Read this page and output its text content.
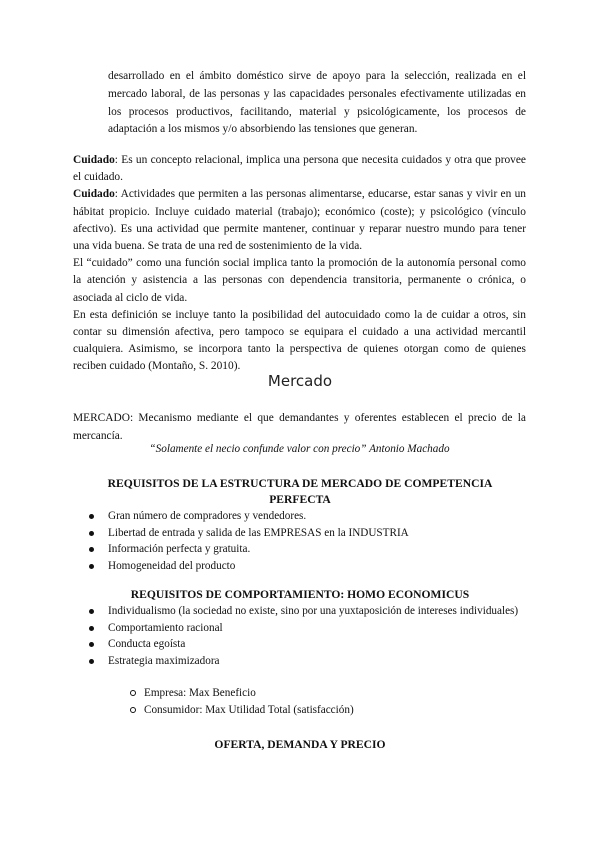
desarrollado en el ámbito doméstico sirve de apoyo para la selección, realizada en el mercado laboral, de las personas y las capacidades personales efectivamente utilizadas en los procesos productivos, facilitando, material y psicológicamente, los procesos de adaptación a los mismos y/o absorbiendo las tensiones que generan.

Cuidado: Es un concepto relacional, implica una persona que necesita cuidados y otra que provee el cuidado.

Cuidado: Actividades que permiten a las personas alimentarse, educarse, estar sanas y vivir en un hábitat propicio. Incluye cuidado material (trabajo); económico (coste); y psicológico (vínculo afectivo). Es una actividad que permite mantener, continuar y reparar nuestro mundo para tener una vida buena. Se trata de una red de sostenimiento de la vida.

El “cuidado” como una función social implica tanto la promoción de la autonomía personal como la atención y asistencia a las personas con dependencia transitoria, permanente o crónica, o asociada al ciclo de vida.

En esta definición se incluye tanto la posibilidad del autocuidado como la de cuidar a otros, sin contar su dimensión afectiva, pero tampoco se equipara el cuidado a una actividad mercantil cualquiera. Asimismo, se incorpora tanto la perspectiva de quienes otorgan como de quienes reciben cuidado (Montaño, S. 2010).

Mercado
MERCADO: Mecanismo mediante el que demandantes y oferentes establecen el precio de la mercancía.
“Solamente el necio confunde valor con precio” Antonio Machado
REQUISITOS DE LA ESTRUCTURA DE MERCADO DE COMPETENCIA PERFECTA
Gran número de compradores y vendedores.
Libertad de entrada y salida de las EMPRESAS en la INDUSTRIA
Información perfecta y gratuita.
Homogeneidad del producto
REQUISITOS DE COMPORTAMIENTO: HOMO ECONOMICUS
Individualismo (la sociedad no existe, sino por una yuxtaposición de intereses individuales)
Comportamiento racional
Conducta egoísta
Estrategia maximizadora
Empresa: Max Beneficio
Consumidor: Max Utilidad Total (satisfacción)
OFERTA, DEMANDA Y PRECIO
